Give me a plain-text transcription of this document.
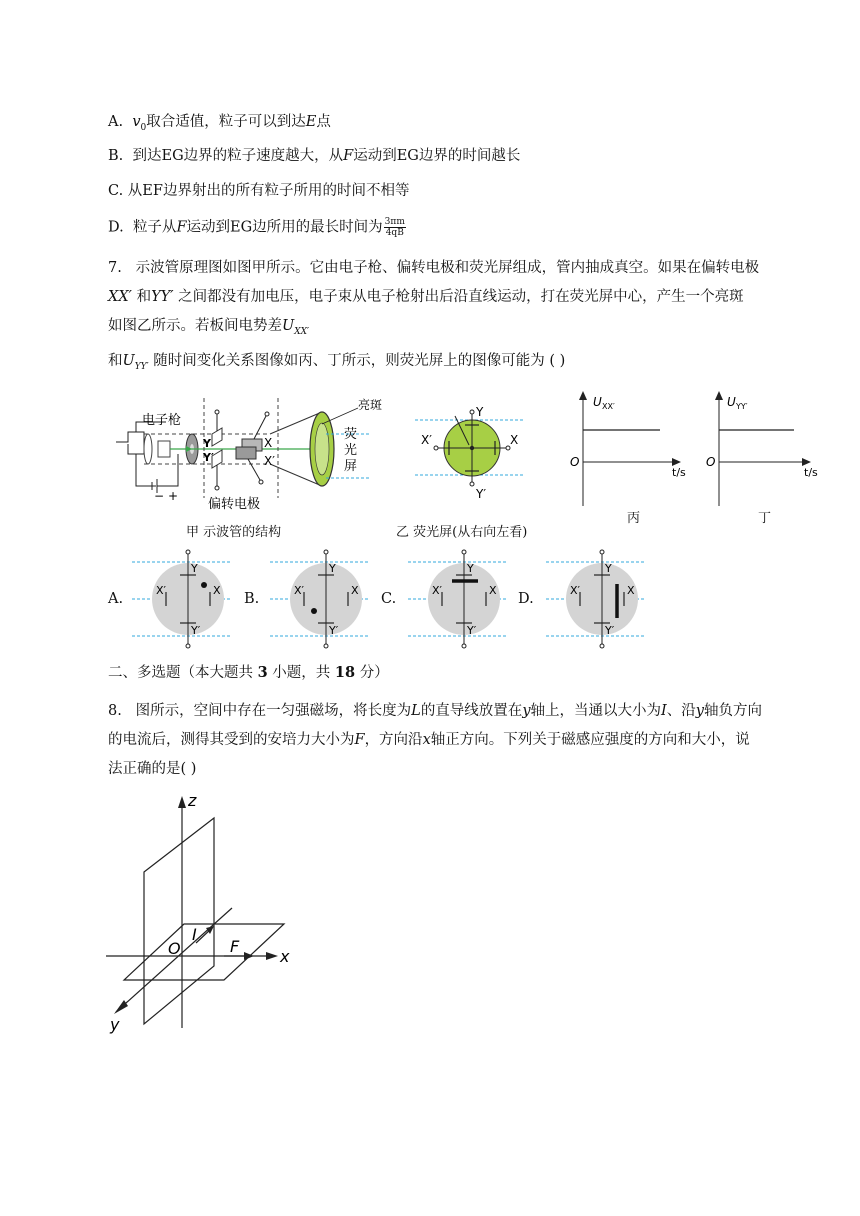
A. $v_0$取合适值，粒子可以到达E点
B. 到达EG边界的粒子速度越大，从F运动到EG边界的时间越长
C. 从EF边界射出的所有粒子所用的时间不相等
D. 粒子从F运动到EG边所用的最长时间为 $\frac{3\pi m}{4qB}$
7. 示波管原理图如图甲所示。它由电子枪、偏转电极和荧光屏组成，管内抽成真空。如果在偏转电极
XX′ 和YY′ 之间都没有加电压，电子束从电子枪射出后沿直线运动，打在荧光屏中心，产生一个亮斑
如图乙所示。若板间电势差$U_{XX'}$
和$U_{YY'}$ 随时间变化关系图像如丙、丁所示，则荧光屏上的图像可能为 ( )
电子枪
亮斑
荧
光
屏
Y
Y′
X
X′
偏转电极
− +
甲 示波管的结构
Y
Y′
X
X′
乙 荧光屏(从右向左看)
U XX′
O
t/s
丙
U YY′
O
t/s
丁
A.
Y
Y′
X
X′
B.
Y
Y′
X
X′
C.
Y
Y′
X
X′
D.
Y
Y′
X
X′
二、多选题（本大题共 3 小题，共 18 分）
8. 图所示，空间中存在一匀强磁场，将长度为L的直导线放置在y轴上，当通以大小为I、沿y轴负方向
的电流后，测得其受到的安培力大小为F，方向沿x轴正方向。下列关于磁感应强度的方向和大小，说
法正确的是( )
z
x
y
O
I
F
